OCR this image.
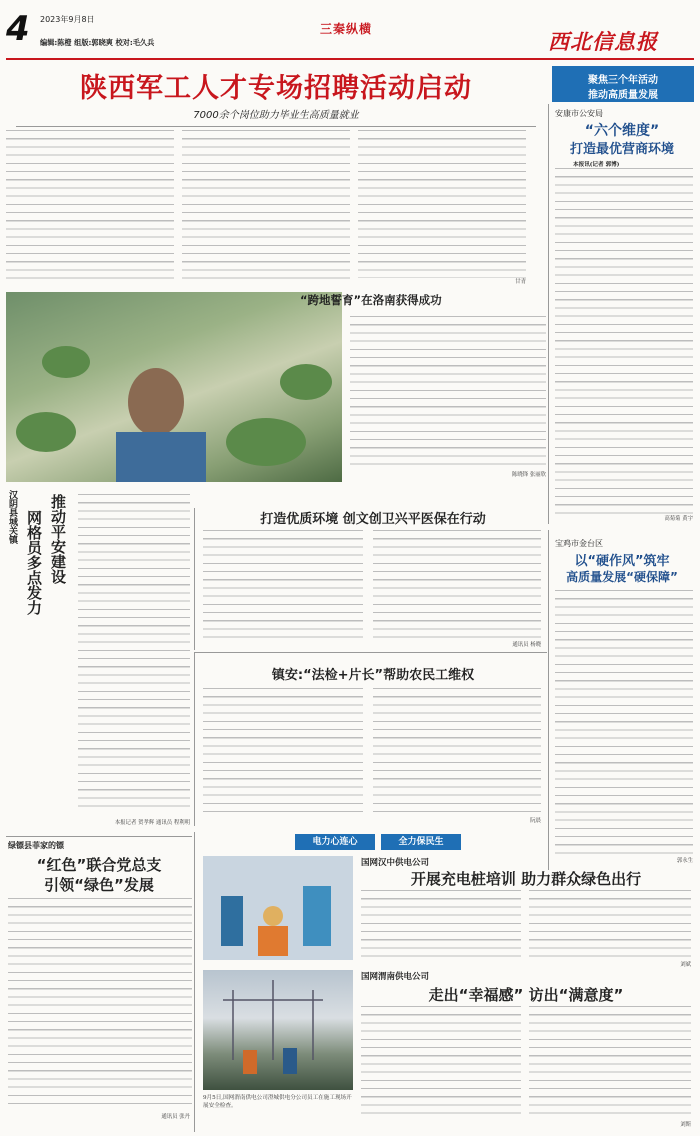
4 2023年9月8日
编辑:陈橙 组版:郭晓爽 校对:毛久兵
三秦纵横
西北信息报
陕西军工人才专场招聘活动启动
7000余个岗位助力毕业生高质量就业
甘青
聚焦三个年活动
推动高质量发展
安康市公安局
“六个维度”
打造最优营商环境
本报讯(记者 郭博)
高菊菊 黄宇
“跨地誓育”在洛南获得成功
陈晓锋 张丽欣
汉阴县城关镇 推动平安建设
网格员多点发力
本报记者 贺孝辉 通讯员 程利明
打造优质环境 创文创卫兴平医保在行动
通讯员 杨晓
宝鸡市金台区
以“硬作风”筑牢
高质量发展“硬保障”
郭永生
镇安:“法检+片长”帮助农民工维权
阮晨
绿镖县菲家的镖
“红色”联合党总支
引领“绿色”发展
通讯员 张丹
电力心连心	全力保民生
国网汉中供电公司
开展充电桩培训 助力群众绿色出行
刘斌
国网渭南供电公司
走出“幸福感” 访出“满意度”
9月5日,国网渭南供电公司澄城供电分公司员工在施工现场开展安全检查。
刘斯
